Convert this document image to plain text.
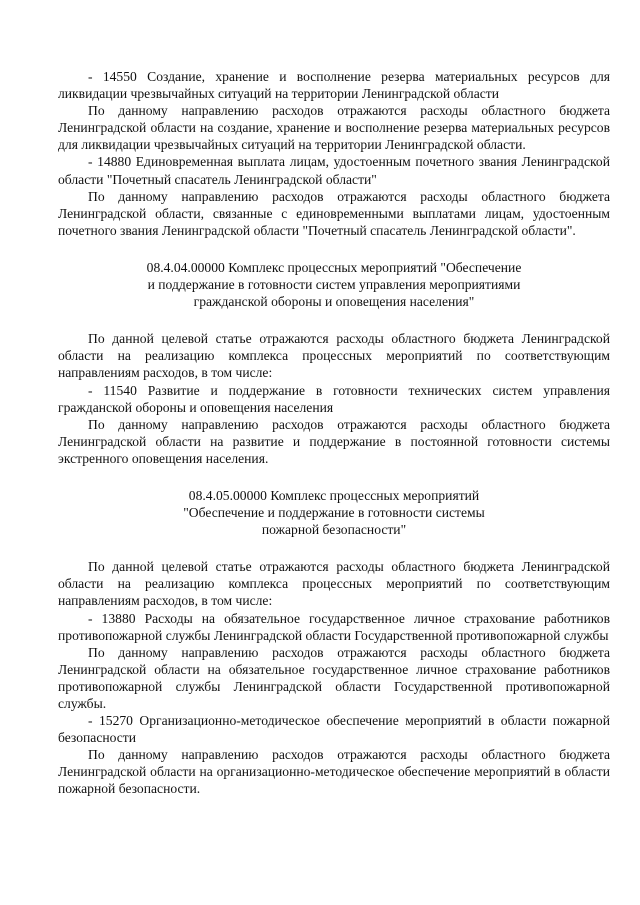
- 14550 Создание, хранение и восполнение резерва материальных ресурсов для ликвидации чрезвычайных ситуаций на территории Ленинградской области

По данному направлению расходов отражаются расходы областного бюджета Ленинградской области на создание, хранение и восполнение резерва материальных ресурсов для ликвидации чрезвычайных ситуаций на территории Ленинградской области.

- 14880 Единовременная выплата лицам, удостоенным почетного звания Ленинградской области "Почетный спасатель Ленинградской области"

По данному направлению расходов отражаются расходы областного бюджета Ленинградской области, связанные с единовременными выплатами лицам, удостоенным почетного звания Ленинградской области "Почетный спасатель Ленинградской области".

08.4.04.00000 Комплекс процессных мероприятий "Обеспечение
и поддержание в готовности систем управления мероприятиями
гражданской обороны и оповещения населения"

По данной целевой статье отражаются расходы областного бюджета Ленинградской области на реализацию комплекса процессных мероприятий по соответствующим направлениям расходов, в том числе:

- 11540 Развитие и поддержание в готовности технических систем управления гражданской обороны и оповещения населения

По данному направлению расходов отражаются расходы областного бюджета Ленинградской области на развитие и поддержание в постоянной готовности системы экстренного оповещения населения.

08.4.05.00000 Комплекс процессных мероприятий
"Обеспечение и поддержание в готовности системы
пожарной безопасности"

По данной целевой статье отражаются расходы областного бюджета Ленинградской области на реализацию комплекса процессных мероприятий по соответствующим направлениям расходов, в том числе:

- 13880 Расходы на обязательное государственное личное страхование работников противопожарной службы Ленинградской области Государственной противопожарной службы

По данному направлению расходов отражаются расходы областного бюджета Ленинградской области на обязательное государственное личное страхование работников противопожарной службы Ленинградской области Государственной противопожарной службы.

- 15270 Организационно-методическое обеспечение мероприятий в области пожарной безопасности

По данному направлению расходов отражаются расходы областного бюджета Ленинградской области на организационно-методическое обеспечение мероприятий в области пожарной безопасности.
